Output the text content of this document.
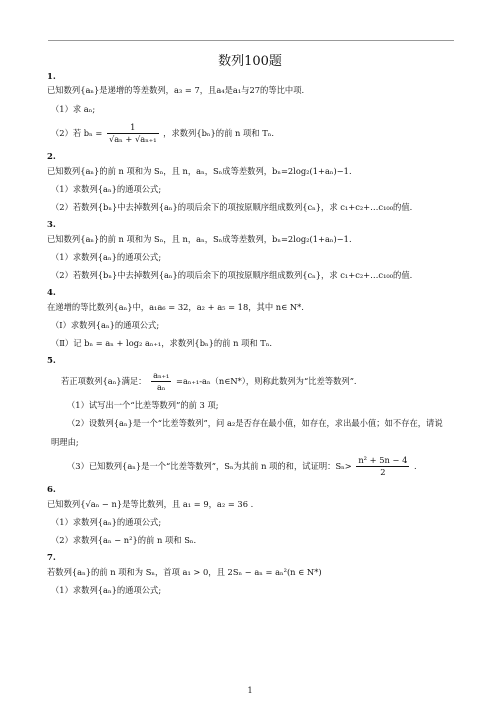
数列100题
1.
已知数列{aₙ}是递增的等差数列，a₃ = 7，且a₄是a₁与27的等比中项.
（1）求 aₙ;
（2）若 $b_n = \frac{1}{\text{√aₙ + √aₙ₊₁}}$ ，求数列{bₙ}的前 n 项和 Tₙ.
2.
已知数列{aₙ}的前 n 项和为 Sₙ，且 n，aₙ，Sₙ成等差数列，bₙ=2log₂(1+aₙ)−1.
（1）求数列{aₙ}的通项公式;
（2）若数列{bₙ}中去掉数列{aₙ}的项后余下的项按原顺序组成数列{cₙ}，求 c₁+c₂+…c₁₀₀的值.
3.
已知数列{aₙ}的前 n 项和为 Sₙ，且 n，aₙ，Sₙ成等差数列，bₙ=2log₂(1+aₙ)−1.
（1）求数列{aₙ}的通项公式;
（2）若数列{bₙ}中去掉数列{aₙ}的项后余下的项按原顺序组成数列{cₙ}，求 c₁+c₂+…c₁₀₀的值.
4.
在递增的等比数列{aₙ}中，a₁a₆ = 32，a₂ + a₅ = 18，其中 n∈ N*.
（Ⅰ）求数列{aₙ}的通项公式;
（Ⅱ）记 bₙ = aₙ + log₂ aₙ₊₁，求数列{bₙ}的前 n 项和 Tₙ.
5.
若正项数列{aₙ}满足： $\frac{\text{aₙ₊₁}}{\text{aₙ}}$ =aₙ₊₁-aₙ（n∈N*），则称此数列为“比差等数列”.
（1）试写出一个“比差等数列”的前 3 项;
（2）设数列{aₙ}是一个“比差等数列”，问 a₂是否存在最小值，如存在，求出最小值；如不存在，请说
明理由;
（3）已知数列{aₙ}是一个“比差等数列”，Sₙ为其前 n 项的和，试证明：$S_n> \frac{\text{n² + 5n − 4}}{2}$ .
6.
已知数列{√aₙ − n}是等比数列，且 a₁ = 9，a₂ = 36 .
（1）求数列{aₙ}的通项公式;
（2）求数列{aₙ − n²}的前 n 项和 Sₙ.
7.
若数列{aₙ}的前 n 项和为 Sₙ，首项 a₁ > 0，且 2Sₙ − aₙ = aₙ²(n ∈ N*)
（1）求数列{aₙ}的通项公式;
1
